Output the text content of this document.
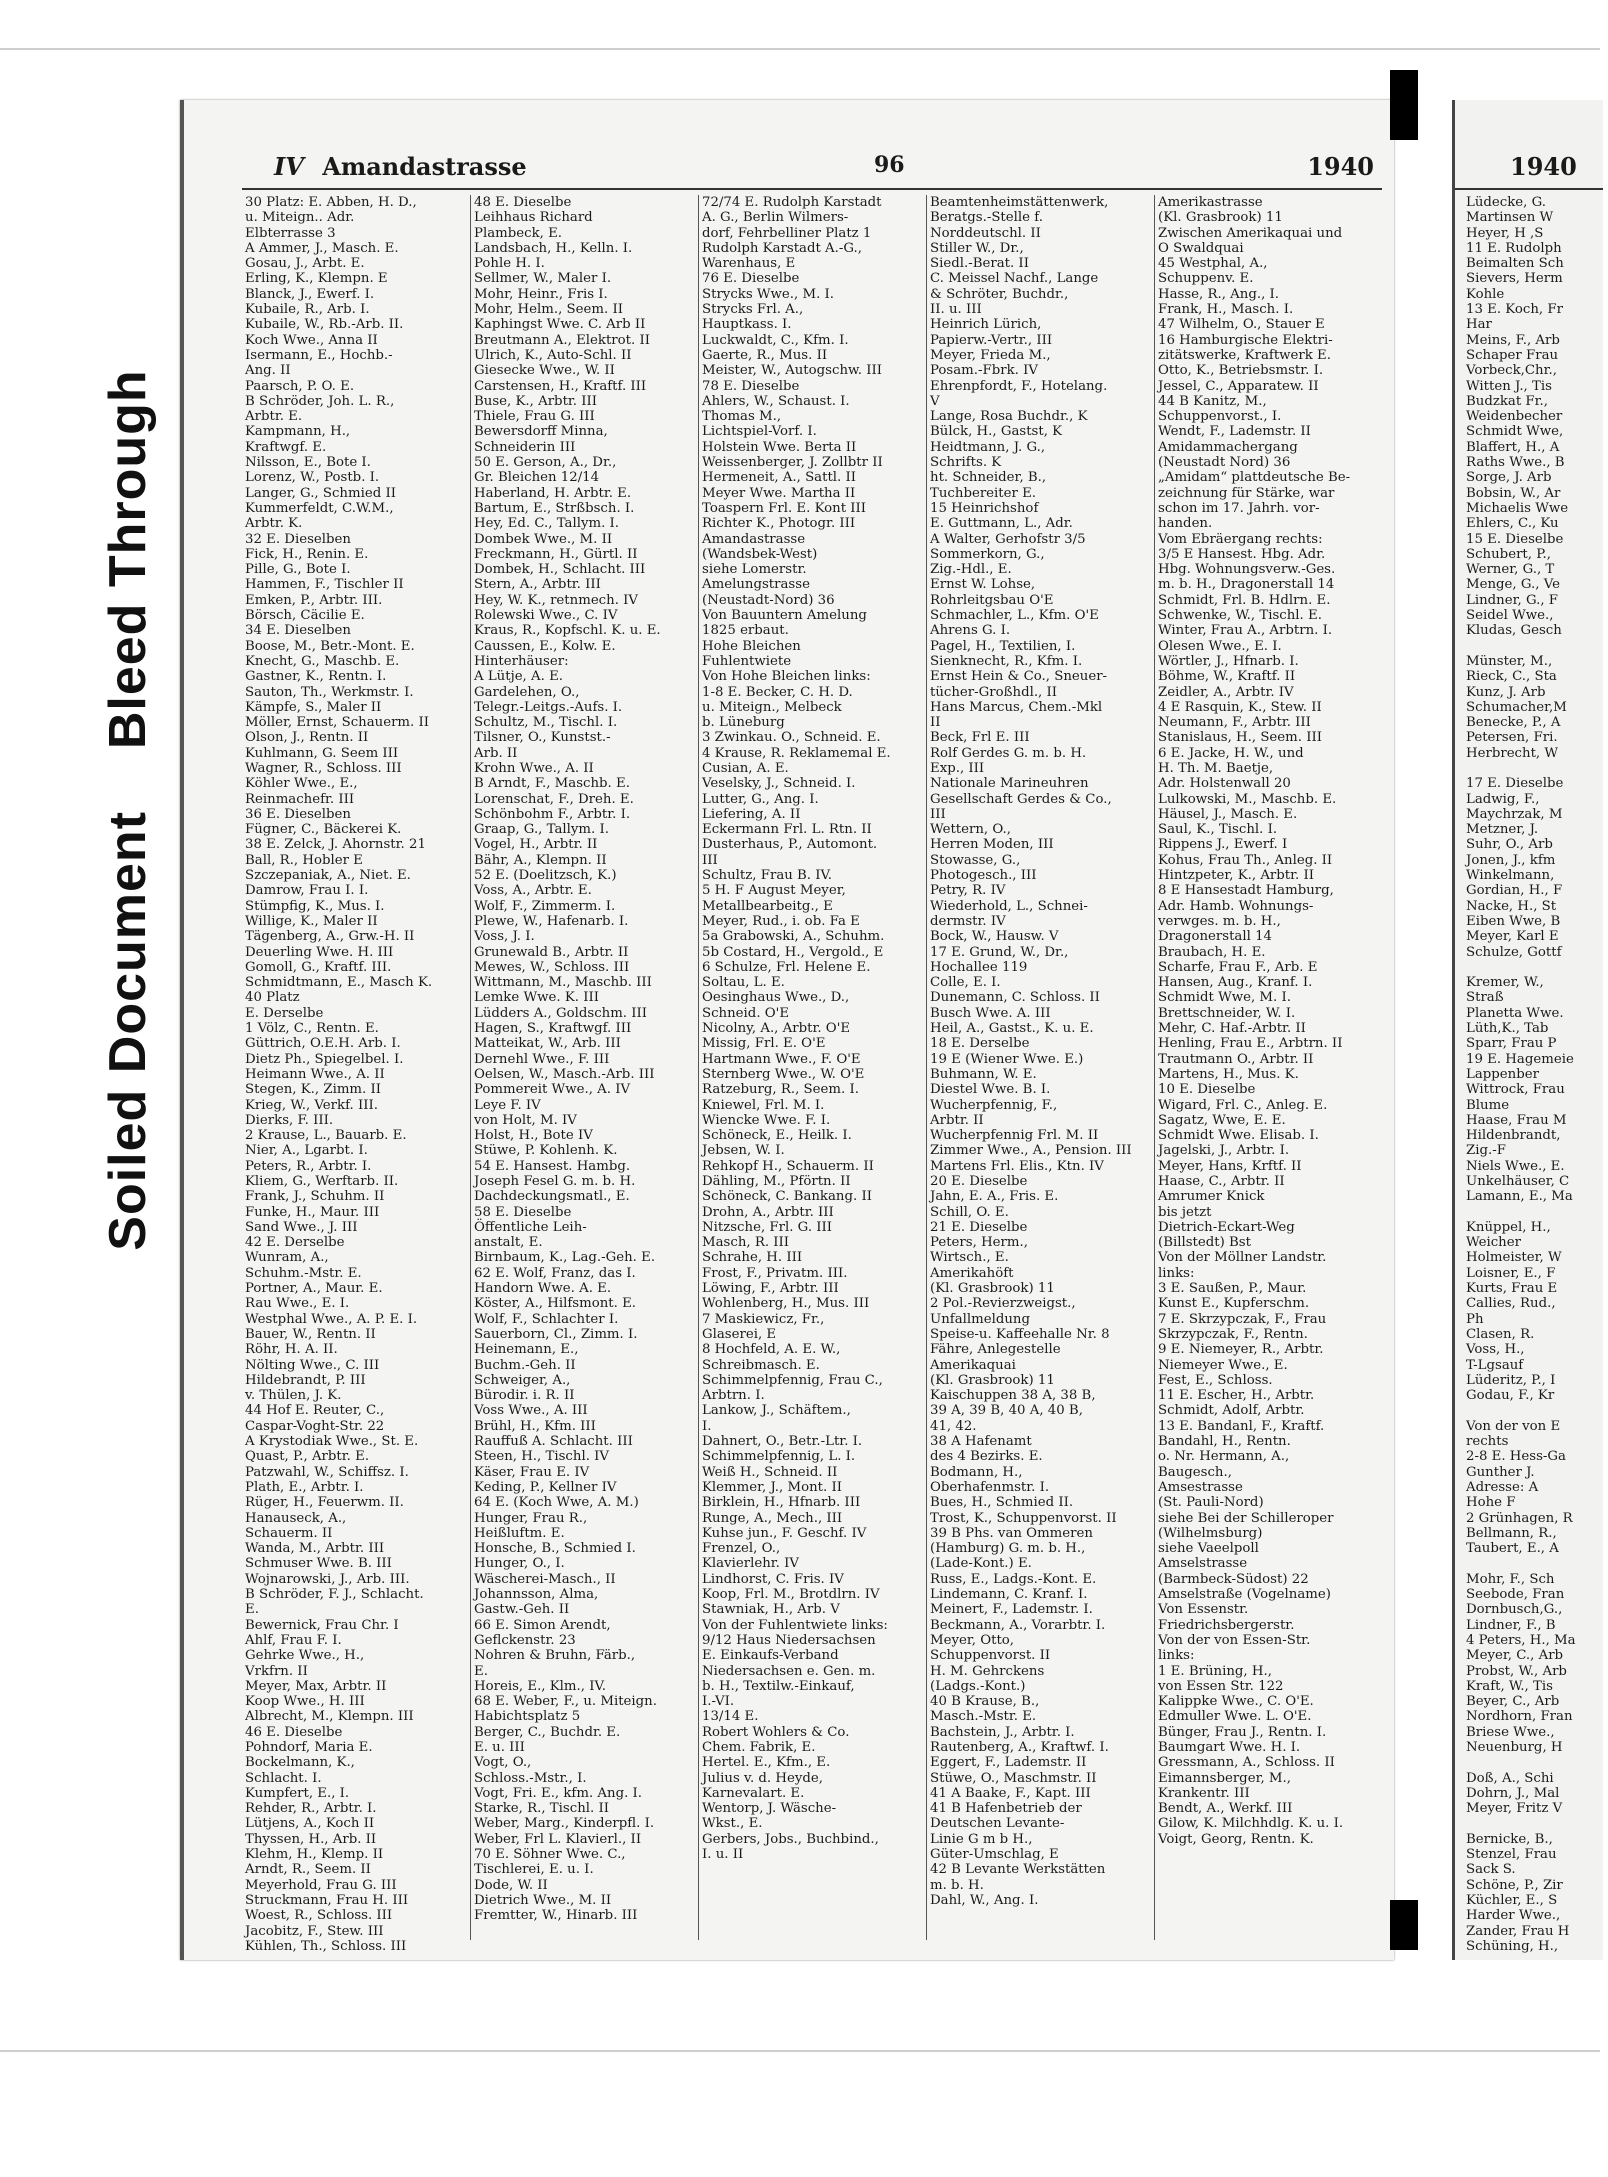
Soiled Document    Bleed Through
IV Amandastrasse	96	1940
30 Platz: E. Abben, H. D.,
u. Miteign.. Adr.
Elbterrasse 3
A Ammer, J., Masch. E.
Gosau, J., Arbt. E.
Erling, K., Klempn. E
Blanck, J., Ewerf. I.
Kubaile, R., Arb. I.
Kubaile, W., Rb.-Arb. II.
Koch Wwe., Anna II
Isermann, E., Hochb.-
Ang. II
Paarsch, P. O. E.
B Schröder, Joh. L. R.,
Arbtr. E.
Kampmann, H.,
Kraftwgf. E.
Nilsson, E., Bote I.
Lorenz, W., Postb. I.
Langer, G., Schmied II
Kummerfeldt, C.W.M.,
Arbtr. K.
32 E. Dieselben
Fick, H., Renin. E.
Pille, G., Bote I.
Hammen, F., Tischler II
Emken, P., Arbtr. III.
Börsch, Cäcilie E.
34 E. Dieselben
Boose, M., Betr.-Mont. E.
Knecht, G., Maschb. E.
Gastner, K., Rentn. I.
Sauton, Th., Werkmstr. I.
Kämpfe, S., Maler II
Möller, Ernst, Schauerm. II
Olson, J., Rentn. II
Kuhlmann, G. Seem III
Wagner, R., Schloss. III
Köhler Wwe., E.,
Reinmachefr. III
36 E. Dieselben
Fügner, C., Bäckerei K.
38 E. Zelck, J. Ahornstr. 21
Ball, R., Hobler E
Szczepaniak, A., Niet. E.
Damrow, Frau I. I.
Stümpfig, K., Mus. I.
Willige, K., Maler II
Tägenberg, A., Grw.-H. II
Deuerling Wwe. H. III
Gomoll, G., Kraftf. III.
Schmidtmann, E., Masch K.
40 Platz
E. Derselbe
1 Völz, C., Rentn. E.
Güttrich, O.E.H. Arb. I.
Dietz Ph., Spiegelbel. I.
Heimann Wwe., A. II
Stegen, K., Zimm. II
Krieg, W., Verkf. III.
Dierks, F. III.
2 Krause, L., Bauarb. E.
Nier, A., Lgarbt. I.
Peters, R., Arbtr. I.
Kliem, G., Werftarb. II.
Frank, J., Schuhm. II
Funke, H., Maur. III
Sand Wwe., J. III
42 E. Derselbe
Wunram, A.,
Schuhm.-Mstr. E.
Portner, A., Maur. E.
Rau Wwe., E. I.
Westphal Wwe., A. P. E. I.
Bauer, W., Rentn. II
Röhr, H. A. II.
Nölting Wwe., C. III
Hildebrandt, P. III
v. Thülen, J. K.
44 Hof E. Reuter, C.,
Caspar-Voght-Str. 22
A Krystodiak Wwe., St. E.
Quast, P., Arbtr. E.
Patzwahl, W., Schiffsz. I.
Plath, E., Arbtr. I.
Rüger, H., Feuerwm. II.
Hanauseck, A.,
Schauerm. II
Wanda, M., Arbtr. III
Schmuser Wwe. B. III
Wojnarowski, J., Arb. III.
B Schröder, F. J., Schlacht.
E.
Bewernick, Frau Chr. I
Ahlf, Frau F. I.
Gehrke Wwe., H.,
Vrkfrn. II
Meyer, Max, Arbtr. II
Koop Wwe., H. III
Albrecht, M., Klempn. III
46 E. Dieselbe
Pohndorf, Maria E.
Bockelmann, K.,
Schlacht. I.
Kumpfert, E., I.
Rehder, R., Arbtr. I.
Lütjens, A., Koch II
Thyssen, H., Arb. II
Klehm, H., Klemp. II
Arndt, R., Seem. II
Meyerhold, Frau G. III
Struckmann, Frau H. III
Woest, R., Schloss. III
Jacobitz, F., Stew. III
Kühlen, Th., Schloss. III
48 E. Dieselbe
Leihhaus Richard
Plambeck, E.
Landsbach, H., Kelln. I.
Pohle H. I.
Sellmer, W., Maler I.
Mohr, Heinr., Fris I.
Mohr, Helm., Seem. II
Kaphingst Wwe. C. Arb II
Breutmann A., Elektrot. II
Ulrich, K., Auto-Schl. II
Giesecke Wwe., W. II
Carstensen, H., Kraftf. III
Buse, K., Arbtr. III
Thiele, Frau G. III
Bewersdorff Minna,
Schneiderin III
50 E. Gerson, A., Dr.,
Gr. Bleichen 12/14
Haberland, H. Arbtr. E.
Bartum, E., Strßbsch. I.
Hey, Ed. C., Tallym. I.
Dombek Wwe., M. II
Freckmann, H., Gürtl. II
Dombek, H., Schlacht. III
Stern, A., Arbtr. III
Hey, W. K., retnmech. IV
Rolewski Wwe., C. IV
Kraus, R., Kopfschl. K. u. E.
Caussen, E., Kolw. E.
Hinterhäuser:
A Lütje, A. E.
Gardelehen, O.,
Telegr.-Leitgs.-Aufs. I.
Schultz, M., Tischl. I.
Tilsner, O., Kunstst.-
Arb. II
Krohn Wwe., A. II
B Arndt, F., Maschb. E.
Lorenschat, F., Dreh. E.
Schönbohm F., Arbtr. I.
Graap, G., Tallym. I.
Vogel, H., Arbtr. II
Bähr, A., Klempn. II
52 E. (Doelitzsch, K.)
Voss, A., Arbtr. E.
Wolf, F., Zimmerm. I.
Plewe, W., Hafenarb. I.
Voss, J. I.
Grunewald B., Arbtr. II
Mewes, W., Schloss. III
Wittmann, M., Maschb. III
Lemke Wwe. K. III
Lüdders A., Goldschm. III
Hagen, S., Kraftwgf. III
Matteikat, W., Arb. III
Dernehl Wwe., F. III
Oelsen, W., Masch.-Arb. III
Pommereit Wwe., A. IV
Leye F. IV
von Holt, M. IV
Holst, H., Bote IV
Stüwe, P. Kohlenh. K.
54 E. Hansest. Hambg.
Joseph Fesel G. m. b. H.
Dachdeckungsmatl., E.
58 E. Dieselbe
Öffentliche Leih-
anstalt, E.
Birnbaum, K., Lag.-Geh. E.
62 E. Wolf, Franz, das I.
Handorn Wwe. A. E.
Köster, A., Hilfsmont. E.
Wolf, F., Schlachter I.
Sauerborn, Cl., Zimm. I.
Heinemann, E.,
Buchm.-Geh. II
Schweiger, A.,
Bürodir. i. R. II
Voss Wwe., A. III
Brühl, H., Kfm. III
Rauffuß A. Schlacht. III
Steen, H., Tischl. IV
Käser, Frau E. IV
Keding, P., Kellner IV
64 E. (Koch Wwe, A. M.)
Hunger, Frau R.,
Heißluftm. E.
Honsche, B., Schmied I.
Hunger, O., I.
Wäscherei-Masch., II
Johannsson, Alma,
Gastw.-Geh. II
66 E. Simon Arendt,
Geflckenstr. 23
Nohren & Bruhn, Färb.,
E.
Horeis, E., Klm., IV.
68 E. Weber, F., u. Miteign.
Habichtsplatz 5
Berger, C., Buchdr. E.
E. u. III
Vogt, O.,
Schloss.-Mstr., I.
Vogt, Fri. E., kfm. Ang. I.
Starke, R., Tischl. II
Weber, Marg., Kinderpfl. I.
Weber, Frl L. Klavierl., II
70 E. Söhner Wwe. C.,
Tischlerei, E. u. I.
Dode, W. II
Dietrich Wwe., M. II
Fremtter, W., Hinarb. III
72/74 E. Rudolph Karstadt
A. G., Berlin Wilmers-
dorf, Fehrbelliner Platz 1
Rudolph Karstadt A.-G.,
Warenhaus, E
76 E. Dieselbe
Strycks Wwe., M. I.
Strycks Frl. A.,
Hauptkass. I.
Luckwaldt, C., Kfm. I.
Gaerte, R., Mus. II
Meister, W., Autogschw. III
78 E. Dieselbe
Ahlers, W., Schaust. I.
Thomas M.,
Lichtspiel-Vorf. I.
Holstein Wwe. Berta II
Weissenberger, J. Zollbtr II
Hermeneit, A., Sattl. II
Meyer Wwe. Martha II
Toaspern Frl. E. Kont III
Richter K., Photogr. III
Amandastrasse
(Wandsbek-West)
siehe Lomerstr.
Amelungstrasse
(Neustadt-Nord) 36
Von Bauuntern Amelung
1825 erbaut.
Hohe Bleichen
Fuhlentwiete
Von Hohe Bleichen links:
1-8 E. Becker, C. H. D.
u. Miteign., Melbeck
b. Lüneburg
3 Zwinkau. O., Schneid. E.
4 Krause, R. Reklamemal E.
Cusian, A. E.
Veselsky, J., Schneid. I.
Lutter, G., Ang. I.
Liefering, A. II
Eckermann Frl. L. Rtn. II
Dusterhaus, P., Automont.
III
Schultz, Frau B. IV.
5 H. F August Meyer,
Metallbearbeitg., E
Meyer, Rud., i. ob. Fa E
5a Grabowski, A., Schuhm.
5b Costard, H., Vergold., E
6 Schulze, Frl. Helene E.
Soltau, L. E.
Oesinghaus Wwe., D.,
Schneid. O'E
Nicolny, A., Arbtr. O'E
Missig, Frl. E. O'E
Hartmann Wwe., F. O'E
Sternberg Wwe., W. O'E
Ratzeburg, R., Seem. I.
Kniewel, Frl. M. I.
Wiencke Wwe. F. I.
Schöneck, E., Heilk. I.
Jebsen, W. I.
Rehkopf H., Schauerm. II
Dähling, M., Pförtn. II
Schöneck, C. Bankang. II
Drohn, A., Arbtr. III
Nitzsche, Frl. G. III
Masch, R. III
Schrahe, H. III
Frost, F., Privatm. III.
Löwing, F., Arbtr. III
Wohlenberg, H., Mus. III
7 Maskiewicz, Fr.,
Glaserei, E
8 Hochfeld, A. E. W.,
Schreibmasch. E.
Schimmelpfennig, Frau C.,
Arbtrn. I.
Lankow, J., Schäftem.,
I.
Dahnert, O., Betr.-Ltr. I.
Schimmelpfennig, L. I.
Weiß H., Schneid. II
Klemmer, J., Mont. II
Birklein, H., Hfnarb. III
Runge, A., Mech., III
Kuhse jun., F. Geschf. IV
Frenzel, O.,
Klavierlehr. IV
Lindhorst, C. Fris. IV
Koop, Frl. M., Brotdlrn. IV
Stawniak, H., Arb. V
Von der Fuhlentwiete links:
9/12 Haus Niedersachsen
E. Einkaufs-Verband
Niedersachsen e. Gen. m.
b. H., Textilw.-Einkauf,
I.-VI.
13/14 E.
Robert Wohlers & Co.
Chem. Fabrik, E.
Hertel. E., Kfm., E.
Julius v. d. Heyde,
Karnevalart. E.
Wentorp, J. Wäsche-
Wkst., E.
Gerbers, Jobs., Buchbind.,
I. u. II
Beamtenheimstättenwerk,
Beratgs.-Stelle f.
Norddeutschl. II
Stiller W., Dr.,
Siedl.-Berat. II
C. Meissel Nachf., Lange
& Schröter, Buchdr.,
II. u. III
Heinrich Lürich,
Papierw.-Vertr., III
Meyer, Frieda M.,
Posam.-Fbrk. IV
Ehrenpfordt, F., Hotelang.
V
Lange, Rosa Buchdr., K
Bülck, H., Gastst, K
Heidtmann, J. G.,
Schrifts. K
ht. Schneider, B.,
Tuchbereiter E.
15 Heinrichshof
E. Guttmann, L., Adr.
A Walter, Gerhofstr 3/5
Sommerkorn, G.,
Zig.-Hdl., E.
Ernst W. Lohse,
Rohrleitgsbau O'E
Schmachler, L., Kfm. O'E
Ahrens G. I.
Pagel, H., Textilien, I.
Sienknecht, R., Kfm. I.
Ernst Hein & Co., Sneuer-
tücher-Großhdl., II
Hans Marcus, Chem.-Mkl
II
Beck, Frl E. III
Rolf Gerdes G. m. b. H.
Exp., III
Nationale Marineuhren
Gesellschaft Gerdes & Co.,
III
Wettern, O.,
Herren Moden, III
Stowasse, G.,
Photogesch., III
Petry, R. IV
Wiederhold, L., Schnei-
dermstr. IV
Bock, W., Hausw. V
17 E. Grund, W., Dr.,
Hochallee 119
Colle, E. I.
Dunemann, C. Schloss. II
Busch Wwe. A. III
Heil, A., Gastst., K. u. E.
18 E. Derselbe
19 E (Wiener Wwe. E.)
Buhmann, W. E.
Diestel Wwe. B. I.
Wucherpfennig, F.,
Arbtr. II
Wucherpfennig Frl. M. II
Zimmer Wwe., A., Pension. III
Martens Frl. Elis., Ktn. IV
20 E. Dieselbe
Jahn, E. A., Fris. E.
Schill, O. E.
21 E. Dieselbe
Peters, Herm.,
Wirtsch., E.
Amerikahöft
(Kl. Grasbrook) 11
2 Pol.-Revierzweigst.,
Unfallmeldung
Speise-u. Kaffeehalle Nr. 8
Fähre, Anlegestelle
Amerikaquai
(Kl. Grasbrook) 11
Kaischuppen 38 A, 38 B,
39 A, 39 B, 40 A, 40 B,
41, 42.
38 A Hafenamt
des 4 Bezirks. E.
Bodmann, H.,
Oberhafenmstr. I.
Bues, H., Schmied II.
Trost, K., Schuppenvorst. II
39 B Phs. van Ommeren
(Hamburg) G. m. b. H.,
(Lade-Kont.) E.
Russ, E., Ladgs.-Kont. E.
Lindemann, C. Kranf. I.
Meinert, F., Lademstr. I.
Beckmann, A., Vorarbtr. I.
Meyer, Otto,
Schuppenvorst. II
H. M. Gehrckens
(Ladgs.-Kont.)
40 B Krause, B.,
Masch.-Mstr. E.
Bachstein, J., Arbtr. I.
Rautenberg, A., Kraftwf. I.
Eggert, F., Lademstr. II
Stüwe, O., Maschmstr. II
41 A Baake, F., Kapt. III
41 B Hafenbetrieb der
Deutschen Levante-
Linie G m b H.,
Güter-Umschlag, E
42 B Levante Werkstätten
m. b. H.
Dahl, W., Ang. I.
Amerikastrasse
(Kl. Grasbrook) 11
Zwischen Amerikaquai und
O Swaldquai
45 Westphal, A.,
Schuppenv. E.
Hasse, R., Ang., I.
Frank, H., Masch. I.
47 Wilhelm, O., Stauer E
16 Hamburgische Elektri-
zitätswerke, Kraftwerk E.
Otto, K., Betriebsmstr. I.
Jessel, C., Apparatew. II
44 B Kanitz, M.,
Schuppenvorst., I.
Wendt, F., Lademstr. II
Amidammachergang
(Neustadt Nord) 36
„Amidam“ plattdeutsche Be-
zeichnung für Stärke, war
schon im 17. Jahrh. vor-
handen.
Vom Ebräergang rechts:
3/5 E Hansest. Hbg. Adr.
Hbg. Wohnungsverw.-Ges.
m. b. H., Dragonerstall 14
Schmidt, Frl. B. Hdlrn. E.
Schwenke, W., Tischl. E.
Winter, Frau A., Arbtrn. I.
Olesen Wwe., E. I.
Wörtler, J., Hfnarb. I.
Böhme, W., Kraftf. II
Zeidler, A., Arbtr. IV
4 E Rasquin, K., Stew. II
Neumann, F., Arbtr. III
Stanislaus, H., Seem. III
6 E. Jacke, H. W., und
H. Th. M. Baetje,
Adr. Holstenwall 20
Lulkowski, M., Maschb. E.
Häusel, J., Masch. E.
Saul, K., Tischl. I.
Rippens J., Ewerf. I
Kohus, Frau Th., Anleg. II
Hintzpeter, K., Arbtr. II
8 E Hansestadt Hamburg,
Adr. Hamb. Wohnungs-
verwges. m. b. H.,
Dragonerstall 14
Braubach, H. E.
Scharfe, Frau F., Arb. E
Hansen, Aug., Kranf. I.
Schmidt Wwe, M. I.
Brettschneider, W. I.
Mehr, C. Haf.-Arbtr. II
Henling, Frau E., Arbtrn. II
Trautmann O., Arbtr. II
Martens, H., Mus. K.
10 E. Dieselbe
Wigard, Frl. C., Anleg. E.
Sagatz, Wwe, E. E.
Schmidt Wwe. Elisab. I.
Jagelski, J., Arbtr. I.
Meyer, Hans, Krftf. II
Haase, C., Arbtr. II
Amrumer Knick
bis jetzt
Dietrich-Eckart-Weg
(Billstedt) Bst
Von der Möllner Landstr.
links:
3 E. Saußen, P., Maur.
Kunst E., Kupferschm.
7 E. Skrzypczak, F., Frau
Skrzypczak, F., Rentn.
9 E. Niemeyer, R., Arbtr.
Niemeyer Wwe., E.
Fest, E., Schloss.
11 E. Escher, H., Arbtr.
Schmidt, Adolf, Arbtr.
13 E. Bandanl, F., Kraftf.
Bandahl, H., Rentn.
o. Nr. Hermann, A.,
Baugesch.,
Amsestrasse
(St. Pauli-Nord)
siehe Bei der Schilleroper
(Wilhelmsburg)
siehe Vaeelpoll
Amselstrasse
(Barmbeck-Südost) 22
Amselstraße (Vogelname)
Von Essenstr.
Friedrichsbergerstr.
Von der von Essen-Str.
links:
1 E. Brüning, H.,
von Essen Str. 122
Kalippke Wwe., C. O'E.
Edmuller Wwe. L. O'E.
Bünger, Frau J., Rentn. I.
Baumgart Wwe. H. I.
Gressmann, A., Schloss. II
Eimannsberger, M.,
Krankentr. III
Bendt, A., Werkf. III
Gilow, K. Milchhdlg. K. u. I.
Voigt, Georg, Rentn. K.
1940
Lüdecke, G.
Martinsen W
Heyer, H ,S
11 E. Rudolph
Beimalten Sch
Sievers, Herm
Kohle
13 E. Koch, Fr
Har
Meins, F., Arb
Schaper Frau
Vorbeck,Chr.,
Witten J., Tis
Budzkat Fr.,
Weidenbecher
Schmidt Wwe,
Blaffert, H., A
Raths Wwe., B
Sorge, J. Arb
Bobsin, W., Ar
Michaelis Wwe
Ehlers, C., Ku
15 E. Dieselbe
Schubert, P.,
Werner, G., T
Menge, G., Ve
Lindner, G., F
Seidel Wwe.,
Kludas, Gesch
Münster, M.,
Rieck, C., Sta
Kunz, J. Arb
Schumacher,M
Benecke, P., A
Petersen, Fri.
Herbrecht, W
17 E. Dieselbe
Ladwig, F.,
Maychrzak, M
Metzner, J.
Suhr, O., Arb
Jonen, J., kfm
Winkelmann,
Gordian, H., F
Nacke, H., St
Eiben Wwe, B
Meyer, Karl E
Schulze, Gottf
Kremer, W.,
Straß
Planetta Wwe.
Lüth,K., Tab
Sparr, Frau P
19 E. Hagemeie
Lappenber
Wittrock, Frau
Blume
Haase, Frau M
Hildenbrandt,
Zig.-F
Niels Wwe., E.
Unkelhäuser, C
Lamann, E., Ma
Knüppel, H.,
Weicher
Holmeister, W
Loisner, E., F
Kurts, Frau E
Callies, Rud.,
Ph
Clasen, R.
Voss, H.,
T-Lgsauf
Lüderitz, P., I
Godau, F., Kr
Von der von E
rechts
2-8 E. Hess-Ga
Gunther J.
Adresse: A
Hohe F
2 Grünhagen, R
Bellmann, R.,
Taubert, E., A
Mohr, F., Sch
Seebode, Fran
Dornbusch,G.,
Lindner, F., B
4 Peters, H., Ma
Meyer, C., Arb
Probst, W., Arb
Kraft, W., Tis
Beyer, C., Arb
Nordhorn, Fran
Briese Wwe.,
Neuenburg, H
Doß, A., Schi
Dohrn, J., Mal
Meyer, Fritz V
Bernicke, B.,
Stenzel, Frau
Sack S.
Schöne, P., Zir
Küchler, E., S
Harder Wwe.,
Zander, Frau H
Schüning, H.,
